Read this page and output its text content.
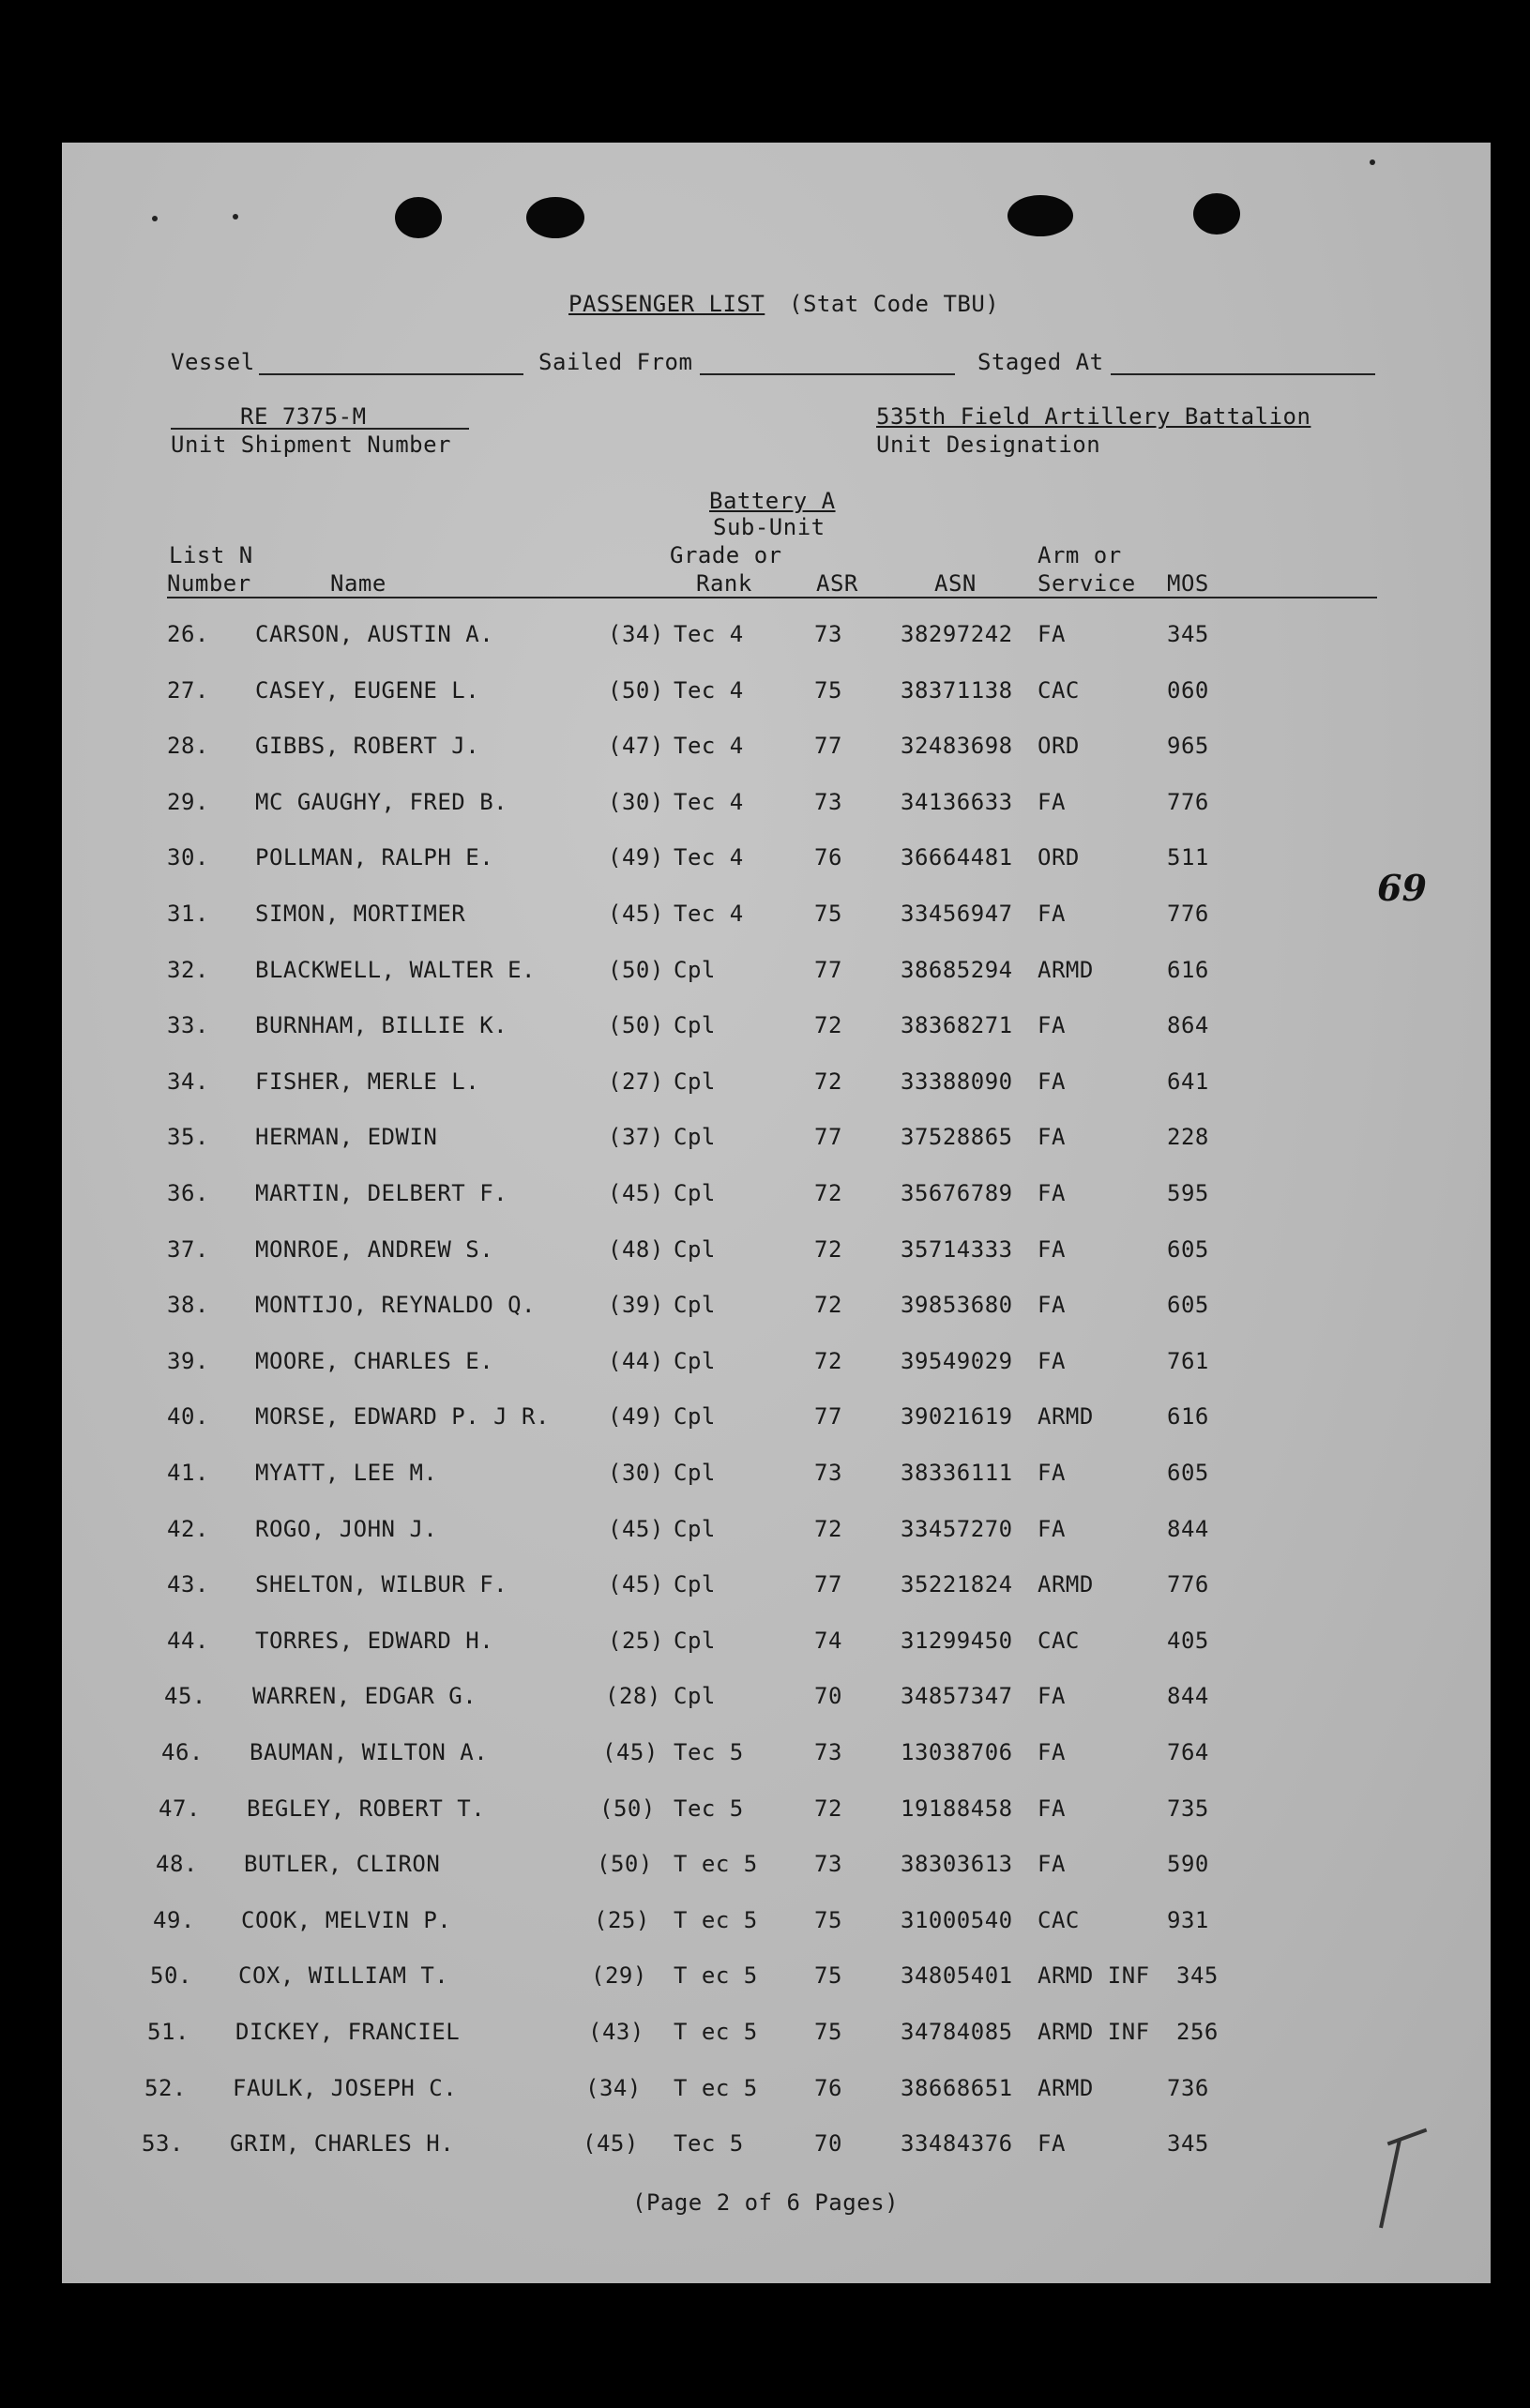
PASSENGER LIST (Stat Code TBU)
Vessel	Sailed From	Staged At
RE 7375-M
Unit Shipment Number
535th Field Artillery Battalion
Unit Designation
Battery A
Sub-Unit
List N
Number	Name
Grade or
Rank	ASR	ASN
Arm or
Service MOS
26. CARSON, AUSTIN A.	(34) Tec 4	73	38297242 FA	345
27. CASEY, EUGENE L.	(50) Tec 4	75	38371138 CAC	060
28. GIBBS, ROBERT J.	(47) Tec 4	77	32483698 ORD	965
29. MC GAUGHY, FRED B.	(30) Tec 4	73	34136633 FA	776
30. POLLMAN, RALPH E.	(49) Tec 4	76	36664481 ORD	511
31. SIMON, MORTIMER	(45) Tec 4	75	33456947 FA	776
32. BLACKWELL, WALTER E.	(50) Cpl	77	38685294 ARMD	616
33. BURNHAM, BILLIE K.	(50) Cpl	72	38368271 FA	864
34. FISHER, MERLE L.	(27) Cpl	72	33388090 FA	641
35. HERMAN, EDWIN	(37) Cpl	77	37528865 FA	228
36. MARTIN, DELBERT F.	(45) Cpl	72	35676789 FA	595
37. MONROE, ANDREW S.	(48) Cpl	72	35714333 FA	605
38. MONTIJO, REYNALDO Q.	(39) Cpl	72	39853680 FA	605
39. MOORE, CHARLES E.	(44) Cpl	72	39549029 FA	761
40. MORSE, EDWARD P. J R.	(49) Cpl	77	39021619 ARMD	616
41. MYATT, LEE M.	(30) Cpl	73	38336111 FA	605
42. ROGO, JOHN J.	(45) Cpl	72	33457270 FA	844
43. SHELTON, WILBUR F.	(45) Cpl	77	35221824 ARMD	776
44. TORRES, EDWARD H.	(25) Cpl	74	31299450 CAC	405
45. WARREN, EDGAR G.	(28) Cpl	70	34857347 FA	844
46. BAUMAN, WILTON A.	(45) Tec 5	73	13038706 FA	764
47. BEGLEY, ROBERT T.	(50) Tec 5	72	19188458 FA	735
48. BUTLER, CLIRON	(50) T ec 5	73	38303613 FA	590
49. COOK, MELVIN P.	(25) T ec 5	75	31000540 CAC	931
50. COX, WILLIAM T.	(29) T ec 5	75	34805401 ARMD INF 345
51. DICKEY, FRANCIEL	(43) T ec 5	75	34784085 ARMD INF 256
52. FAULK, JOSEPH C.	(34) T ec 5	76	38668651 ARMD	736
53. GRIM, CHARLES H.	(45) Tec 5	70	33484376 FA	345
(Page 2 of 6 Pages)
69
